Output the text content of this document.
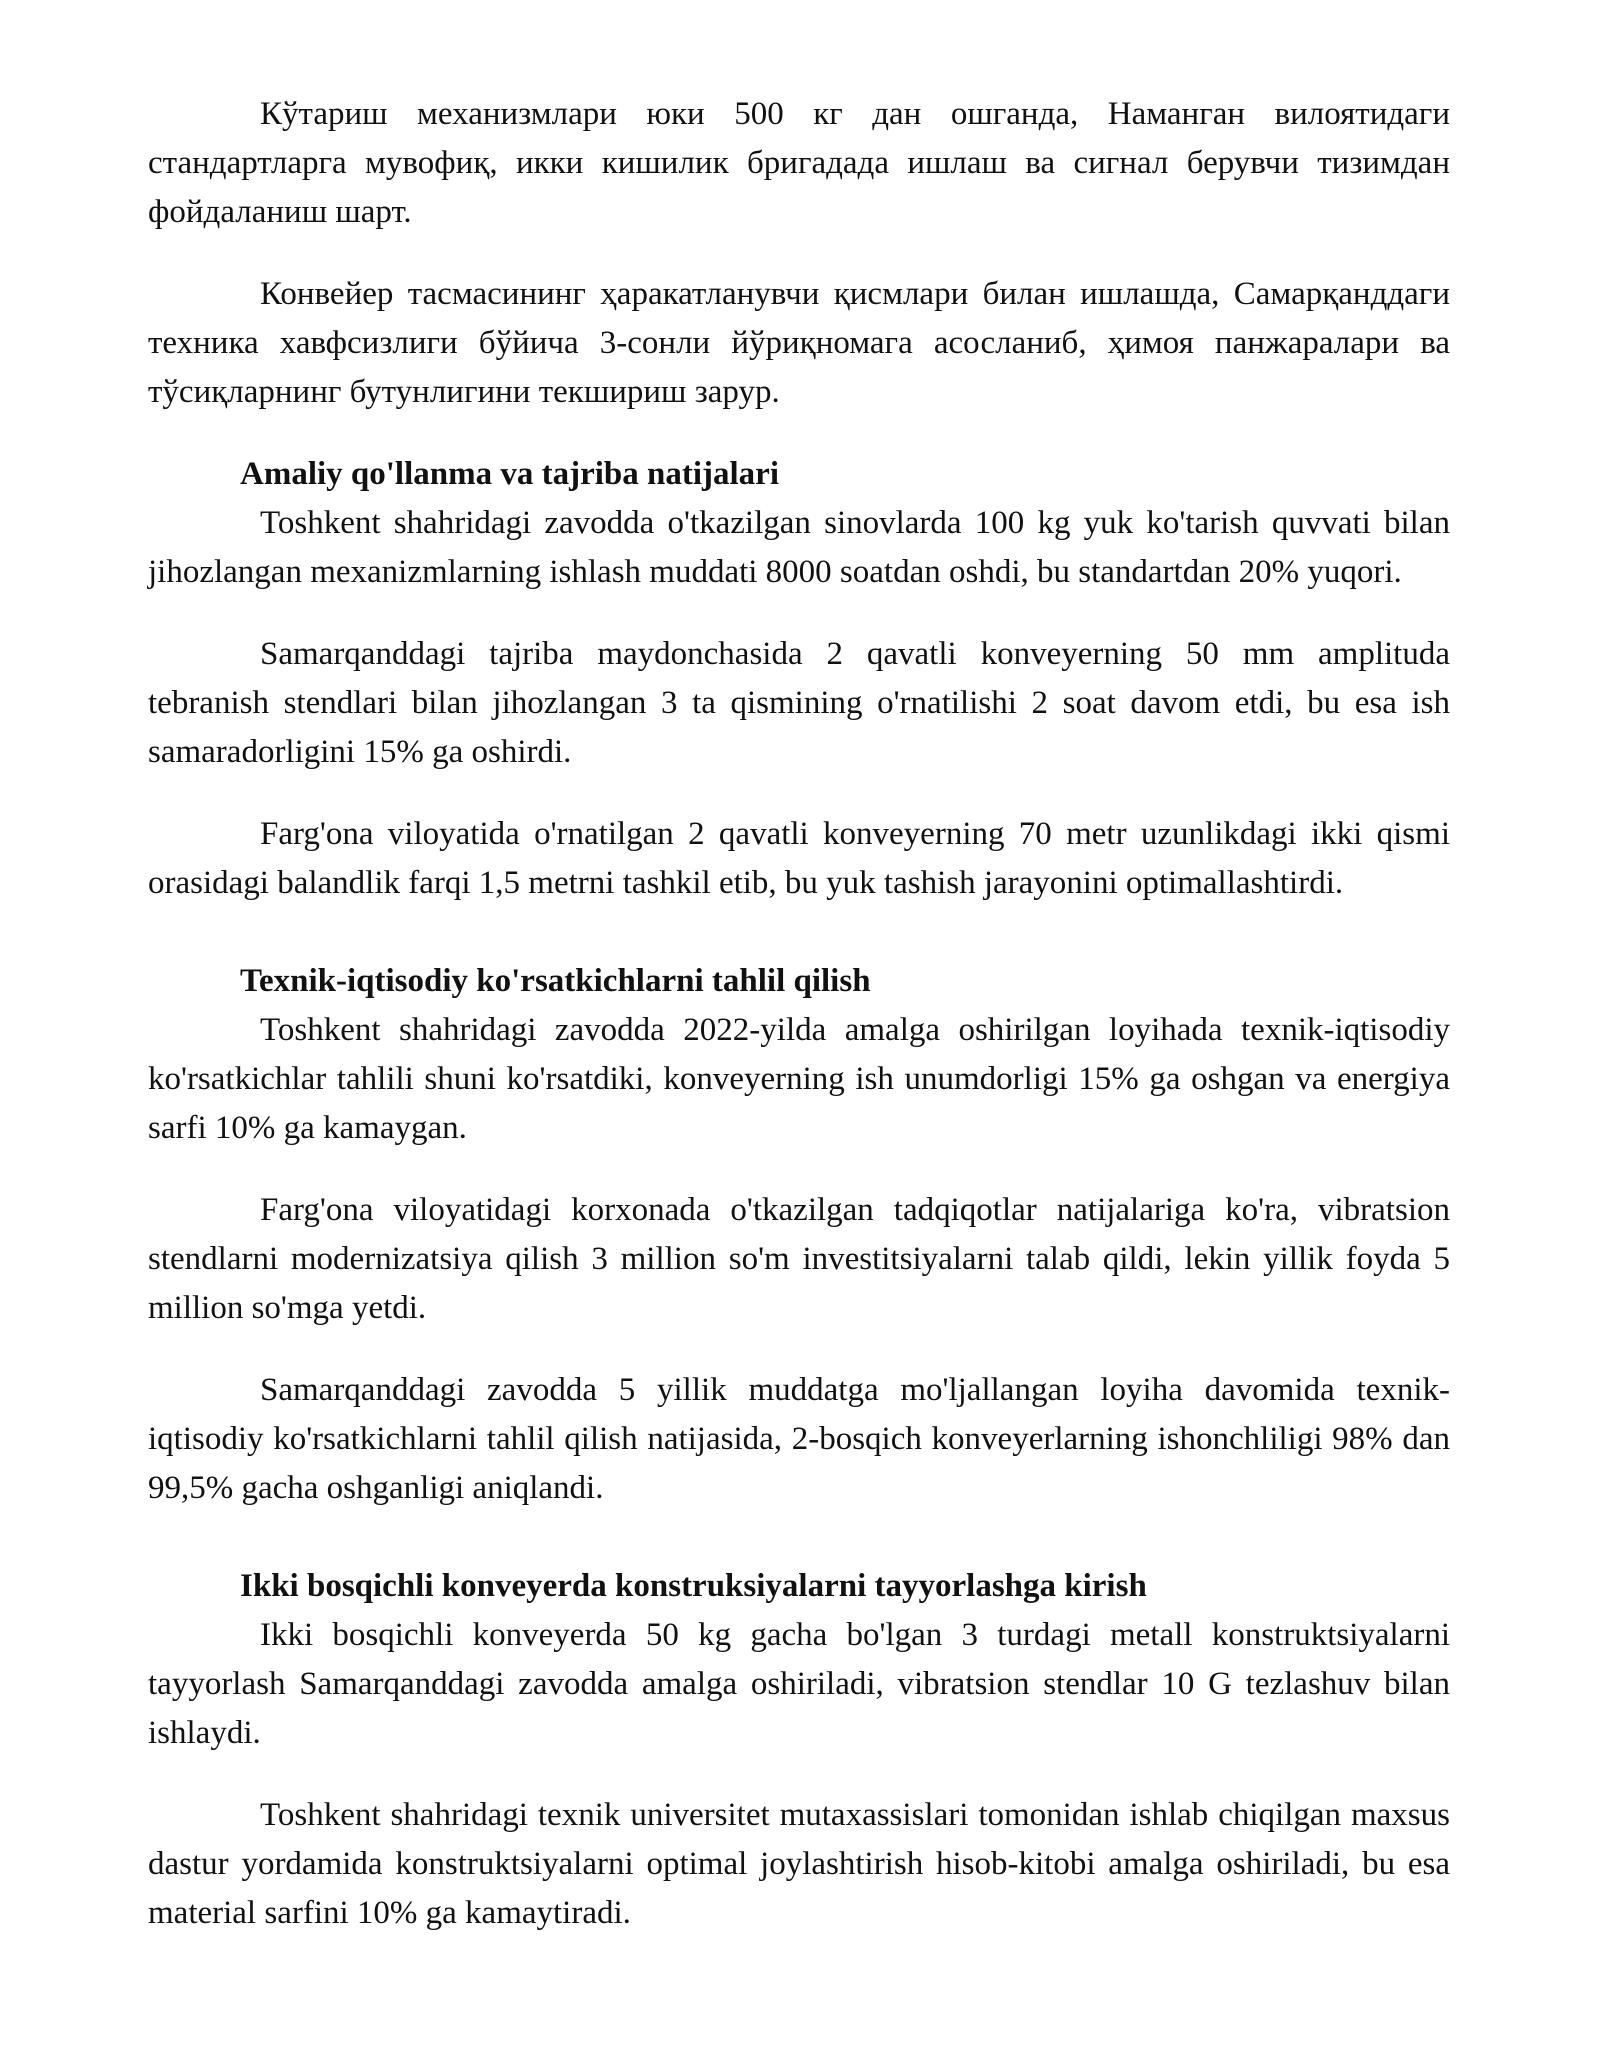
Кўтариш механизмлари юки 500 кг дан ошганда, Наманган вилоятидаги стандартларга мувофиқ, икки кишилик бригадада ишлаш ва сигнал берувчи тизимдан фойдаланиш шарт.

Конвейер тасмасининг ҳаракатланувчи қисмлари билан ишлашда, Самарқанддаги техника хавфсизлиги бўйича 3-сонли йўриқномага асосланиб, ҳимоя панжаралари ва тўсиқларнинг бутунлигини текшириш зарур.

Amaliy qo'llanma va tajriba natijalari

Toshkent shahridagi zavodda o'tkazilgan sinovlarda 100 kg yuk ko'tarish quvvati bilan jihozlangan mexanizmlarning ishlash muddati 8000 soatdan oshdi, bu standartdan 20% yuqori.

Samarqanddagi tajriba maydonchasida 2 qavatli konveyerning 50 mm amplituda tebranish stendlari bilan jihozlangan 3 ta qismining o'rnatilishi 2 soat davom etdi, bu esa ish samaradorligini 15% ga oshirdi.

Farg'ona viloyatida o'rnatilgan 2 qavatli konveyerning 70 metr uzunlikdagi ikki qismi orasidagi balandlik farqi 1,5 metrni tashkil etib, bu yuk tashish jarayonini optimallashtirdi.

Texnik-iqtisodiy ko'rsatkichlarni tahlil qilish

Toshkent shahridagi zavodda 2022-yilda amalga oshirilgan loyihada texnik-iqtisodiy ko'rsatkichlar tahlili shuni ko'rsatdiki, konveyerning ish unumdorligi 15% ga oshgan va energiya sarfi 10% ga kamaygan.

Farg'ona viloyatidagi korxonada o'tkazilgan tadqiqotlar natijalariga ko'ra, vibratsion stendlarni modernizatsiya qilish 3 million so'm investitsiyalarni talab qildi, lekin yillik foyda 5 million so'mga yetdi.

Samarqanddagi zavodda 5 yillik muddatga mo'ljallangan loyiha davomida texnik-iqtisodiy ko'rsatkichlarni tahlil qilish natijasida, 2-bosqich konveyerlarning ishonchliligi 98% dan 99,5% gacha oshganligi aniqlandi.

Ikki bosqichli konveyerda konstruksiyalarni tayyorlashga kirish

Ikki bosqichli konveyerda 50 kg gacha bo'lgan 3 turdagi metall konstruktsiyalarni tayyorlash Samarqanddagi zavodda amalga oshiriladi, vibratsion stendlar 10 G tezlashuv bilan ishlaydi.

Toshkent shahridagi texnik universitet mutaxassislari tomonidan ishlab chiqilgan maxsus dastur yordamida konstruktsiyalarni optimal joylashtirish hisob-kitobi amalga oshiriladi, bu esa material sarfini 10% ga kamaytiradi.
